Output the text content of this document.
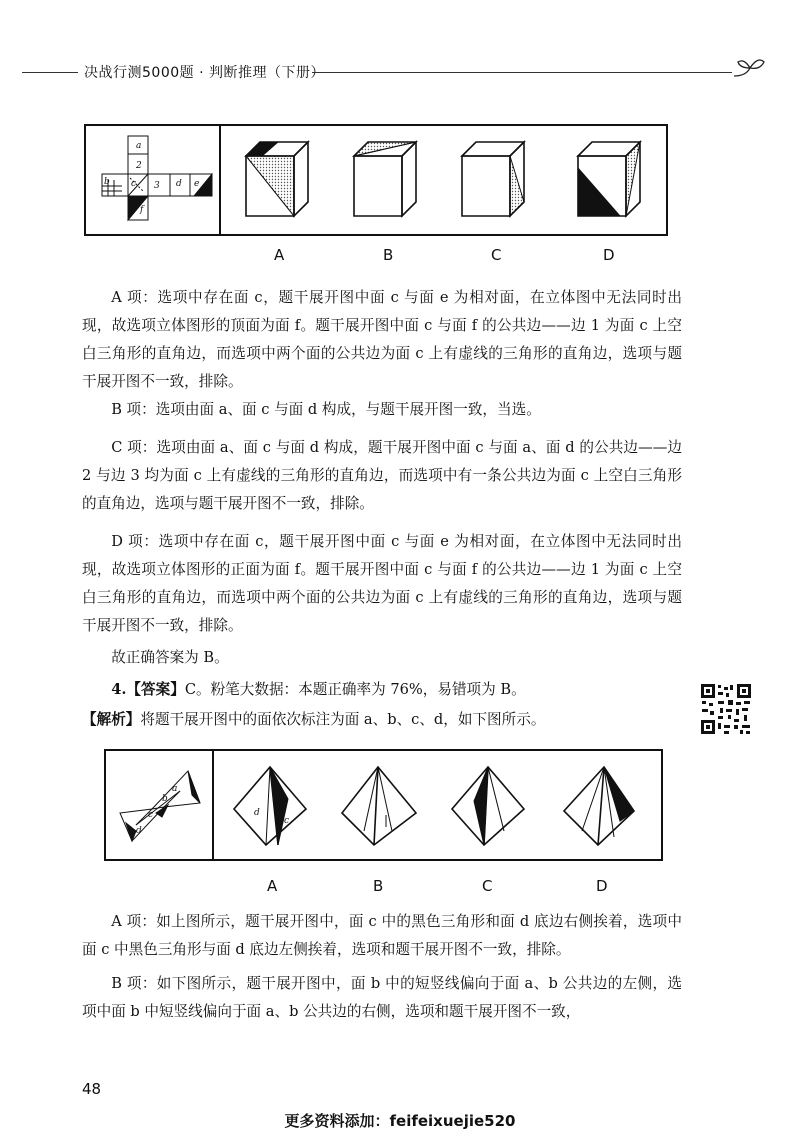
决战行测5000题 · 判断推理（下册）
a
2
b c 3 d e
f
A	B	C	D

A 项：选项中存在面 c，题干展开图中面 c 与面 e 为相对面，在立体图中无法同时出现，故选项立体图形的顶面为面 f。题干展开图中面 c 与面 f 的公共边——边 1 为面 c 上空白三角形的直角边，而选项中两个面的公共边为面 c 上有虚线的三角形的直角边，选项与题干展开图不一致，排除。

B 项：选项由面 a、面 c 与面 d 构成，与题干展开图一致，当选。

C 项：选项由面 a、面 c 与面 d 构成，题干展开图中面 c 与面 a、面 d 的公共边——边 2 与边 3 均为面 c 上有虚线的三角形的直角边，而选项中有一条公共边为面 c 上空白三角形的直角边，选项与题干展开图不一致，排除。

D 项：选项中存在面 c，题干展开图中面 c 与面 e 为相对面，在立体图中无法同时出现，故选项立体图形的正面为面 f。题干展开图中面 c 与面 f 的公共边——边 1 为面 c 上空白三角形的直角边，而选项中两个面的公共边为面 c 上有虚线的三角形的直角边，选项与题干展开图不一致，排除。

故正确答案为 B。

4.【答案】C。粉笔大数据：本题正确率为 76%，易错项为 B。

【解析】将题干展开图中的面依次标注为面 a、b、c、d，如下图所示。

a
b
c
d
d
c
A	B	C	D

A 项：如上图所示，题干展开图中，面 c 中的黑色三角形和面 d 底边右侧挨着，选项中面 c 中黑色三角形与面 d 底边左侧挨着，选项和题干展开图不一致，排除。

B 项：如下图所示，题干展开图中，面 b 中的短竖线偏向于面 a、b 公共边的左侧，选项中面 b 中短竖线偏向于面 a、b 公共边的右侧，选项和题干展开图不一致，

48
更多资料添加：feifeixuejie520
